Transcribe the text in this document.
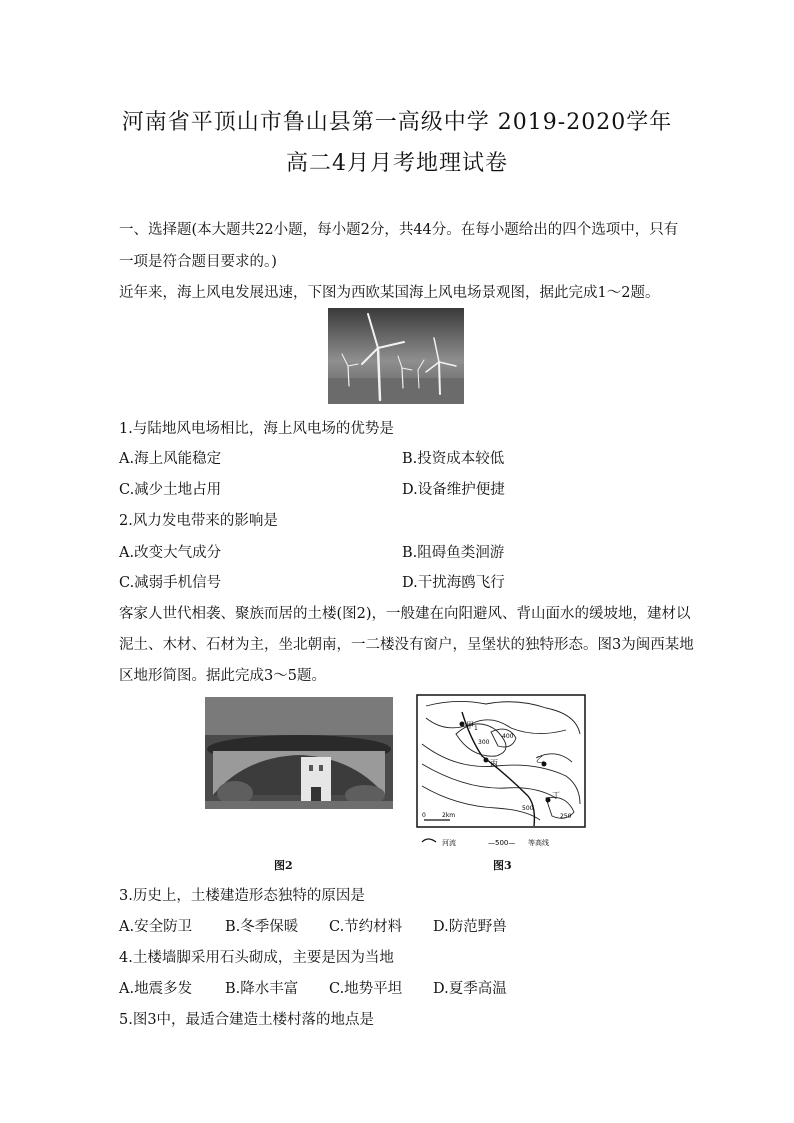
河南省平顶山市鲁山县第一高级中学 2019-2020学年
高二4月月考地理试卷
一、选择题(本大题共22小题，每小题2分，共44分。在每小题给出的四个选项中，只有
一项是符合题目要求的。)
近年来，海上风电发展迅速，下图为西欧某国海上风电场景观图，据此完成1～2题。
1.与陆地风电场相比，海上风电场的优势是
A.海上风能稳定	B.投资成本较低
C.减少土地占用	D.设备维护便捷
2.风力发电带来的影响是
A.改变大气成分	B.阻碍鱼类洄游
C.减弱手机信号	D.干扰海鸥飞行
客家人世代相袭、聚族而居的土楼(图2)，一般建在向阳避风、背山面水的缓坡地，建材以
泥土、木材、石材为主，坐北朝南，一二楼没有窗户，呈堡状的独特形态。图3为闽西某地
区地形简图。据此完成3～5题。
图2
甲 1
300
400
丙	乙
丁
500
250
0	2km
河流	—500— 等高线
图3
3.历史上，土楼建造形态独特的原因是
A.安全防卫 B.冬季保暖 C.节约材料 D.防范野兽
4.土楼墙脚采用石头砌成，主要是因为当地
A.地震多发 B.降水丰富 C.地势平坦 D.夏季高温
5.图3中，最适合建造土楼村落的地点是
